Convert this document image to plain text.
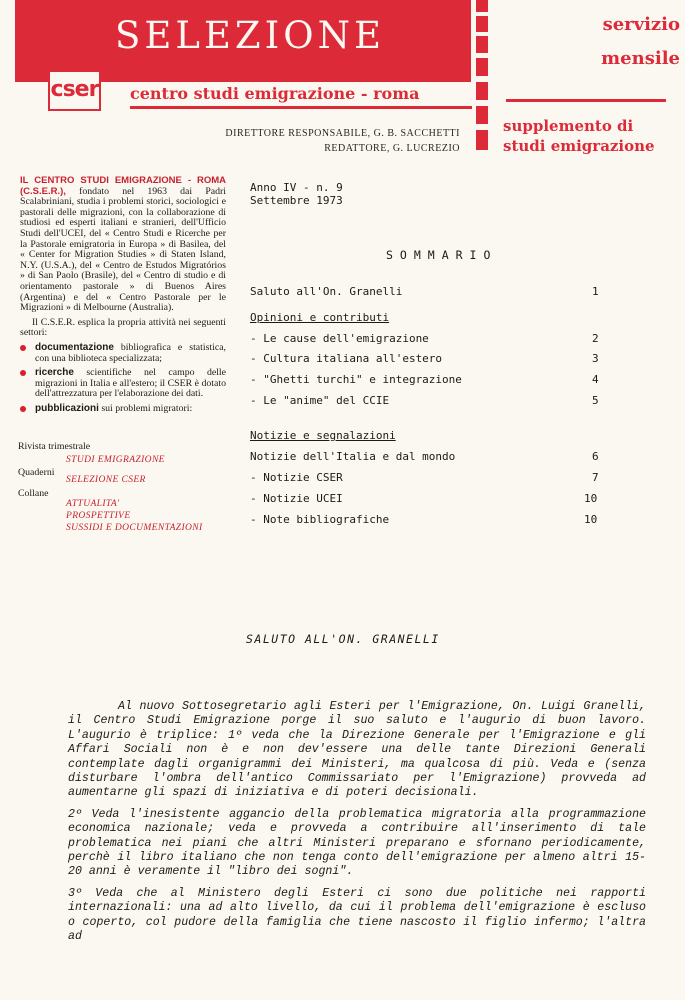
SELEZIONE
cser centro studi emigrazione - roma
servizio
mensile
supplemento di
studi emigrazione
DIRETTORE RESPONSABILE, G. B. SACCHETTI
REDATTORE, G. LUCREZIO

IL CENTRO STUDI EMIGRAZIONE - ROMA (C.S.E.R.), fondato nel 1963 dai Padri Scalabriniani, studia i problemi storici, sociologici e pastorali delle migrazioni, con la collaborazione di studiosi ed esperti italiani e stranieri, dell'Ufficio Studi dell'UCEI, del « Centro Studi e Ricerche per la Pastorale emigratoria in Europa » di Basilea, del « Center for Migration Studies » di Staten Island, N.Y. (U.S.A.), del « Centro de Estudos Migratórios » di San Paolo (Brasile), del « Centro di studio e di orientamento pastorale » di Buenos Aires (Argentina) e del « Centro Pastorale per le Migrazioni » di Melbourne (Australia).

Il C.S.E.R. esplica la propria attività nei seguenti settori:

documentazione bibliografica e statistica, con una biblioteca specializzata;

ricerche scientifiche nel campo delle migrazioni in Italia e all'estero; il CSER è dotato dell'attrezzatura per l'elaborazione dei dati.

pubblicazioni sui problemi migratori:

Rivista trimestrale
STUDI EMIGRAZIONE
Quaderni
SELEZIONE CSER
Collane
ATTUALITA'
PROSPETTIVE
SUSSIDI E DOCUMENTAZIONI
Anno IV - n. 9
Settembre 1973
SOMMARIO
Saluto all'On. Granelli	1
Opinioni e contributi
- Le cause dell'emigrazione	2
- Cultura italiana all'estero	3
- "Ghetti turchi" e integrazione	4
- Le "anime" del CCIE	5
Notizie e segnalazioni
Notizie dell'Italia e dal mondo	6
- Notizie CSER	7
- Notizie UCEI	10
- Note bibliografiche	10
SALUTO ALL'ON. GRANELLI

Al nuovo Sottosegretario agli Esteri per l'Emigrazione, On. Luigi Granelli, il Centro Studi Emigrazione porge il suo saluto e l'augurio di buon lavoro. L'augurio è triplice: 1º veda che la Direzione Generale per l'Emigrazione e gli Affari Sociali non è e non dev'essere una delle tante Direzioni Generali contemplate dagli organigrammi dei Ministeri, ma qualcosa di più. Veda e (senza disturbare l'ombra dell'antico Commissariato per l'Emigrazione) provveda ad aumentarne gli spazi di iniziativa e di poteri decisionali.

2º Veda l'inesistente aggancio della problematica migratoria alla programmazione economica nazionale; veda e provveda a contribuire all'inserimento di tale problematica nei piani che altri Ministeri preparano e sfornano periodicamente, perchè il libro italiano che non tenga conto dell'emigrazione per almeno altri 15-20 anni è veramente il "libro dei sogni".

3º Veda che al Ministero degli Esteri ci sono due politiche nei rapporti internazionali: una ad alto livello, da cui il problema dell'emigrazione è escluso o coperto, col pudore della famiglia che tiene nascosto il figlio infermo; l'altra ad
